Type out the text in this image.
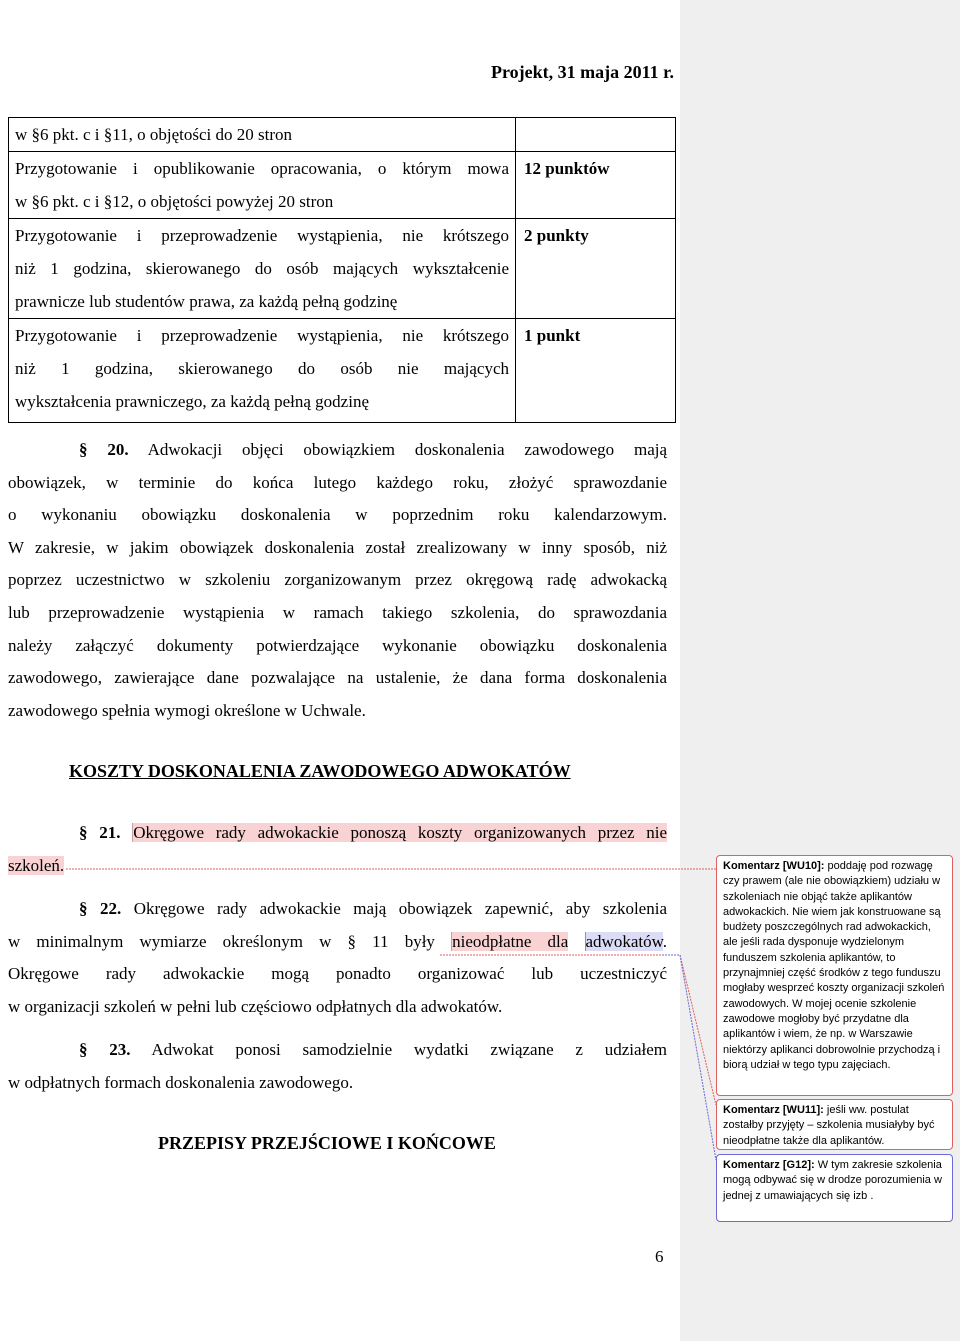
Projekt, 31 maja 2011 r.
w §6 pkt. c i §11, o objętości do 20 stron	

Przygotowanie i opublikowanie opracowania, o którym mowa
w §6 pkt. c i §12, o objętości powyżej 20 stron	12 punktów

Przygotowanie i przeprowadzenie wystąpienia, nie krótszego
niż 1 godzina, skierowanego do osób mających wykształcenie
prawnicze lub studentów prawa, za każdą pełną godzinę	2 punkty

Przygotowanie i przeprowadzenie wystąpienia, nie krótszego
niż 1 godzina, skierowanego do osób nie mających
wykształcenia prawniczego, za każdą pełną godzinę	1 punkt
§ 20. Adwokacji objęci obowiązkiem doskonalenia zawodowego mają
obowiązek, w terminie do końca lutego każdego roku, złożyć sprawozdanie
o wykonaniu obowiązku doskonalenia w poprzednim roku kalendarzowym.
W zakresie, w jakim obowiązek doskonalenia został zrealizowany w inny sposób, niż
poprzez uczestnictwo w szkoleniu zorganizowanym przez okręgową radę adwokacką
lub przeprowadzenie wystąpienia w ramach takiego szkolenia, do sprawozdania
należy załączyć dokumenty potwierdzające wykonanie obowiązku doskonalenia
zawodowego, zawierające dane pozwalające na ustalenie, że dana forma doskonalenia
zawodowego spełnia wymogi określone w Uchwale.
KOSZTY DOSKONALENIA ZAWODOWEGO ADWOKATÓW
§ 21. Okręgowe rady adwokackie ponoszą koszty organizowanych przez nie
szkoleń.
§ 22. Okręgowe rady adwokackie mają obowiązek zapewnić, aby szkolenia
w minimalnym wymiarze określonym w § 11 były nieodpłatne dla adwokatów.
Okręgowe rady adwokackie mogą ponadto organizować lub uczestniczyć
w organizacji szkoleń w pełni lub częściowo odpłatnych dla adwokatów.
§ 23. Adwokat ponosi samodzielnie wydatki związane z udziałem
w odpłatnych formach doskonalenia zawodowego.
PRZEPISY PRZEJŚCIOWE I KOŃCOWE
6
Komentarz [WU10]: poddaję pod rozwagę czy prawem (ale nie obowiązkiem) udziału w szkoleniach nie objąć także aplikantów adwokackich. Nie wiem jak konstruowane są budżety poszczególnych rad adwokackich, ale jeśli rada dysponuje wydzielonym funduszem szkolenia aplikantów, to przynajmniej część środków z tego funduszu mogłaby wesprzeć koszty organizacji szkoleń zawodowych. W mojej ocenie szkolenie zawodowe mogłoby być przydatne dla aplikantów i wiem, że np. w Warszawie niektórzy aplikanci dobrowolnie przychodzą i biorą udział w tego typu zajęciach.
Komentarz [WU11]: jeśli ww. postulat zostałby przyjęty – szkolenia musiałyby być nieodpłatne także dla aplikantów.
Komentarz [G12]: W tym zakresie szkolenia mogą odbywać się w drodze porozumienia w jednej z umawiających się izb .
